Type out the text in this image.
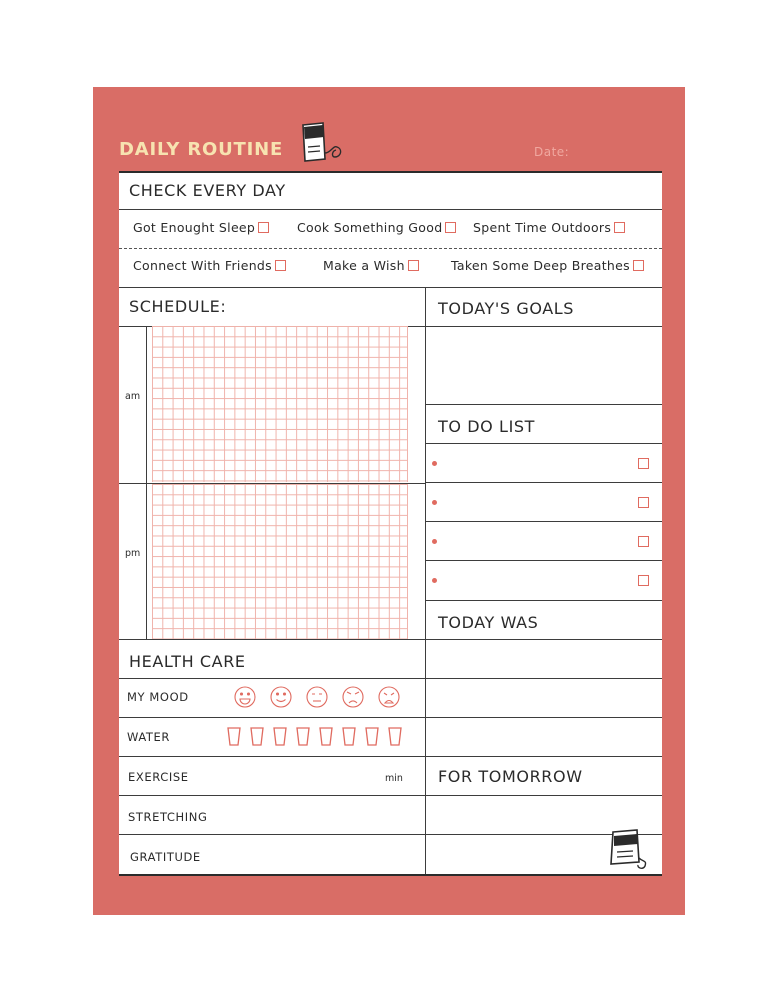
DAILY ROUTINE	Date:
CHECK EVERY DAY
Got Enought Sleep	Cook Something Good	Spent Time Outdoors
Connect With Friends	Make a Wish	Taken Some Deep Breathes
SCHEDULE:
am
pm
TODAY'S GOALS
TO DO LIST
TODAY WAS
FOR TOMORROW
HEALTH CARE
MY MOOD
WATER
EXERCISE	min
STRETCHING
GRATITUDE
